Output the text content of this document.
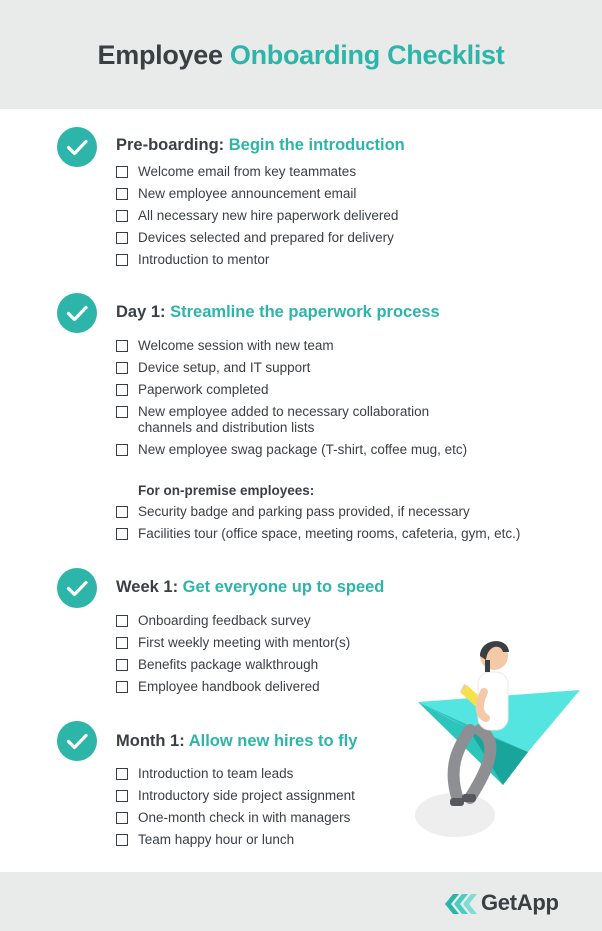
Employee Onboarding Checklist
Pre-boarding: Begin the introduction
Welcome email from key teammates
New employee announcement email
All necessary new hire paperwork delivered
Devices selected and prepared for delivery
Introduction to mentor
Day 1: Streamline the paperwork process
Welcome session with new team
Device setup, and IT support
Paperwork completed
New employee added to necessary collaboration channels and distribution lists
New employee swag package (T-shirt, coffee mug, etc)
For on-premise employees:
Security badge and parking pass provided, if necessary
Facilities tour (office space, meeting rooms, cafeteria, gym, etc.)
Week 1: Get everyone up to speed
Onboarding feedback survey
First weekly meeting with mentor(s)
Benefits package walkthrough
Employee handbook delivered
Month 1: Allow new hires to fly
Introduction to team leads
Introductory side project assignment
One-month check in with managers
Team happy hour or lunch
GetApp
